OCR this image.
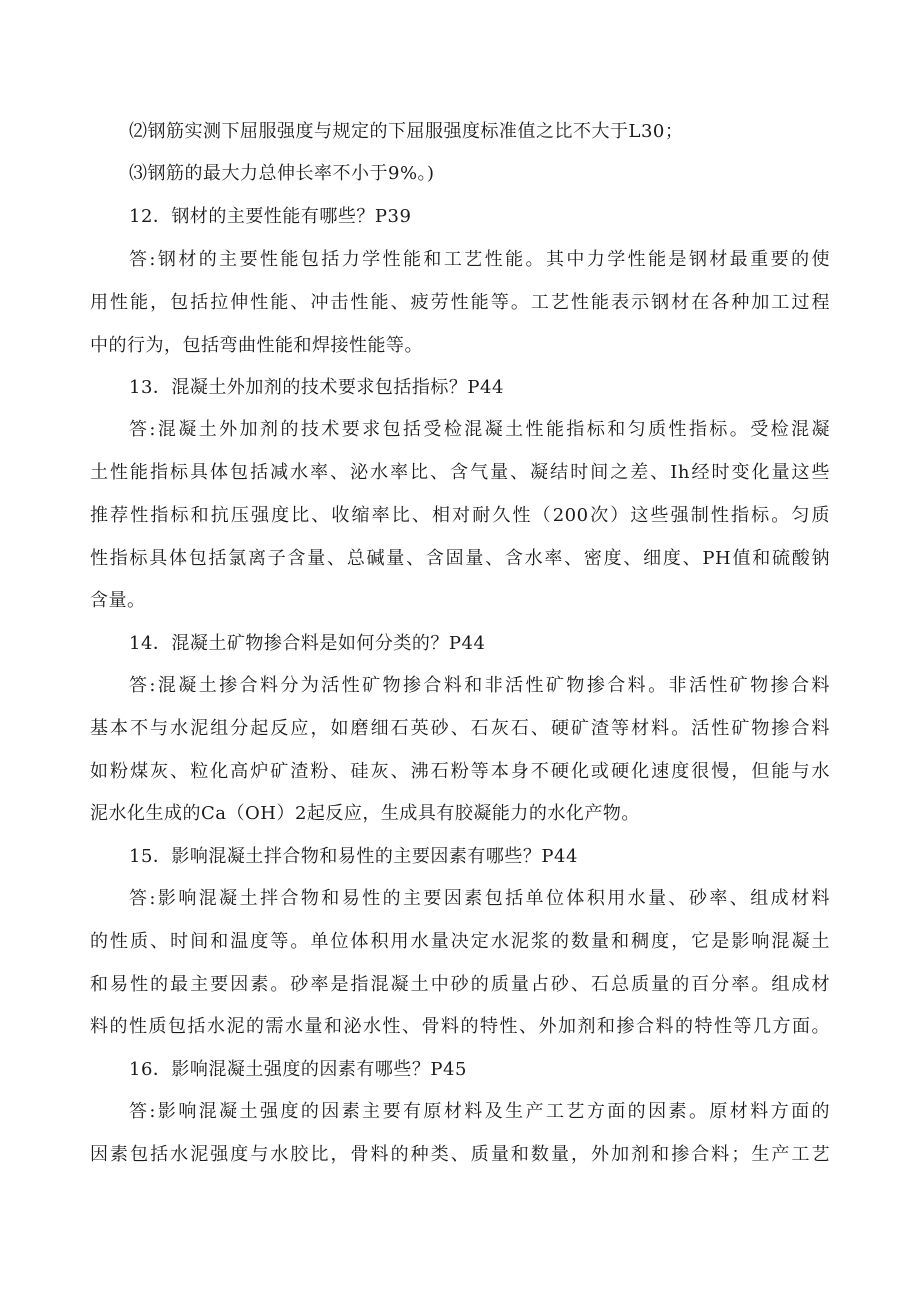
⑵钢筋实测下屈服强度与规定的下屈服强度标准值之比不大于L30；
⑶钢筋的最大力总伸长率不小于9%。)
12．钢材的主要性能有哪些？P39
答:钢材的主要性能包括力学性能和工艺性能。其中力学性能是钢材最重要的使
用性能，包括拉伸性能、冲击性能、疲劳性能等。工艺性能表示钢材在各种加工过程
中的行为，包括弯曲性能和焊接性能等。
13．混凝土外加剂的技术要求包括指标？P44
答:混凝土外加剂的技术要求包括受检混凝土性能指标和匀质性指标。受检混凝
土性能指标具体包括减水率、泌水率比、含气量、凝结时间之差、Ih经时变化量这些
推荐性指标和抗压强度比、收缩率比、相对耐久性（200次）这些强制性指标。匀质
性指标具体包括氯离子含量、总碱量、含固量、含水率、密度、细度、PH值和硫酸钠
含量。
14．混凝土矿物掺合料是如何分类的？P44
答:混凝土掺合料分为活性矿物掺合料和非活性矿物掺合料。非活性矿物掺合料
基本不与水泥组分起反应，如磨细石英砂、石灰石、硬矿渣等材料。活性矿物掺合料
如粉煤灰、粒化高炉矿渣粉、硅灰、沸石粉等本身不硬化或硬化速度很慢，但能与水
泥水化生成的Ca（OH）2起反应，生成具有胶凝能力的水化产物。
15．影响混凝土拌合物和易性的主要因素有哪些？P44
答:影响混凝土拌合物和易性的主要因素包括单位体积用水量、砂率、组成材料
的性质、时间和温度等。单位体积用水量决定水泥浆的数量和稠度，它是影响混凝土
和易性的最主要因素。砂率是指混凝土中砂的质量占砂、石总质量的百分率。组成材
料的性质包括水泥的需水量和泌水性、骨料的特性、外加剂和掺合料的特性等几方面。
16．影响混凝土强度的因素有哪些？P45
答:影响混凝土强度的因素主要有原材料及生产工艺方面的因素。原材料方面的
因素包括水泥强度与水胶比，骨料的种类、质量和数量，外加剂和掺合料；生产工艺
